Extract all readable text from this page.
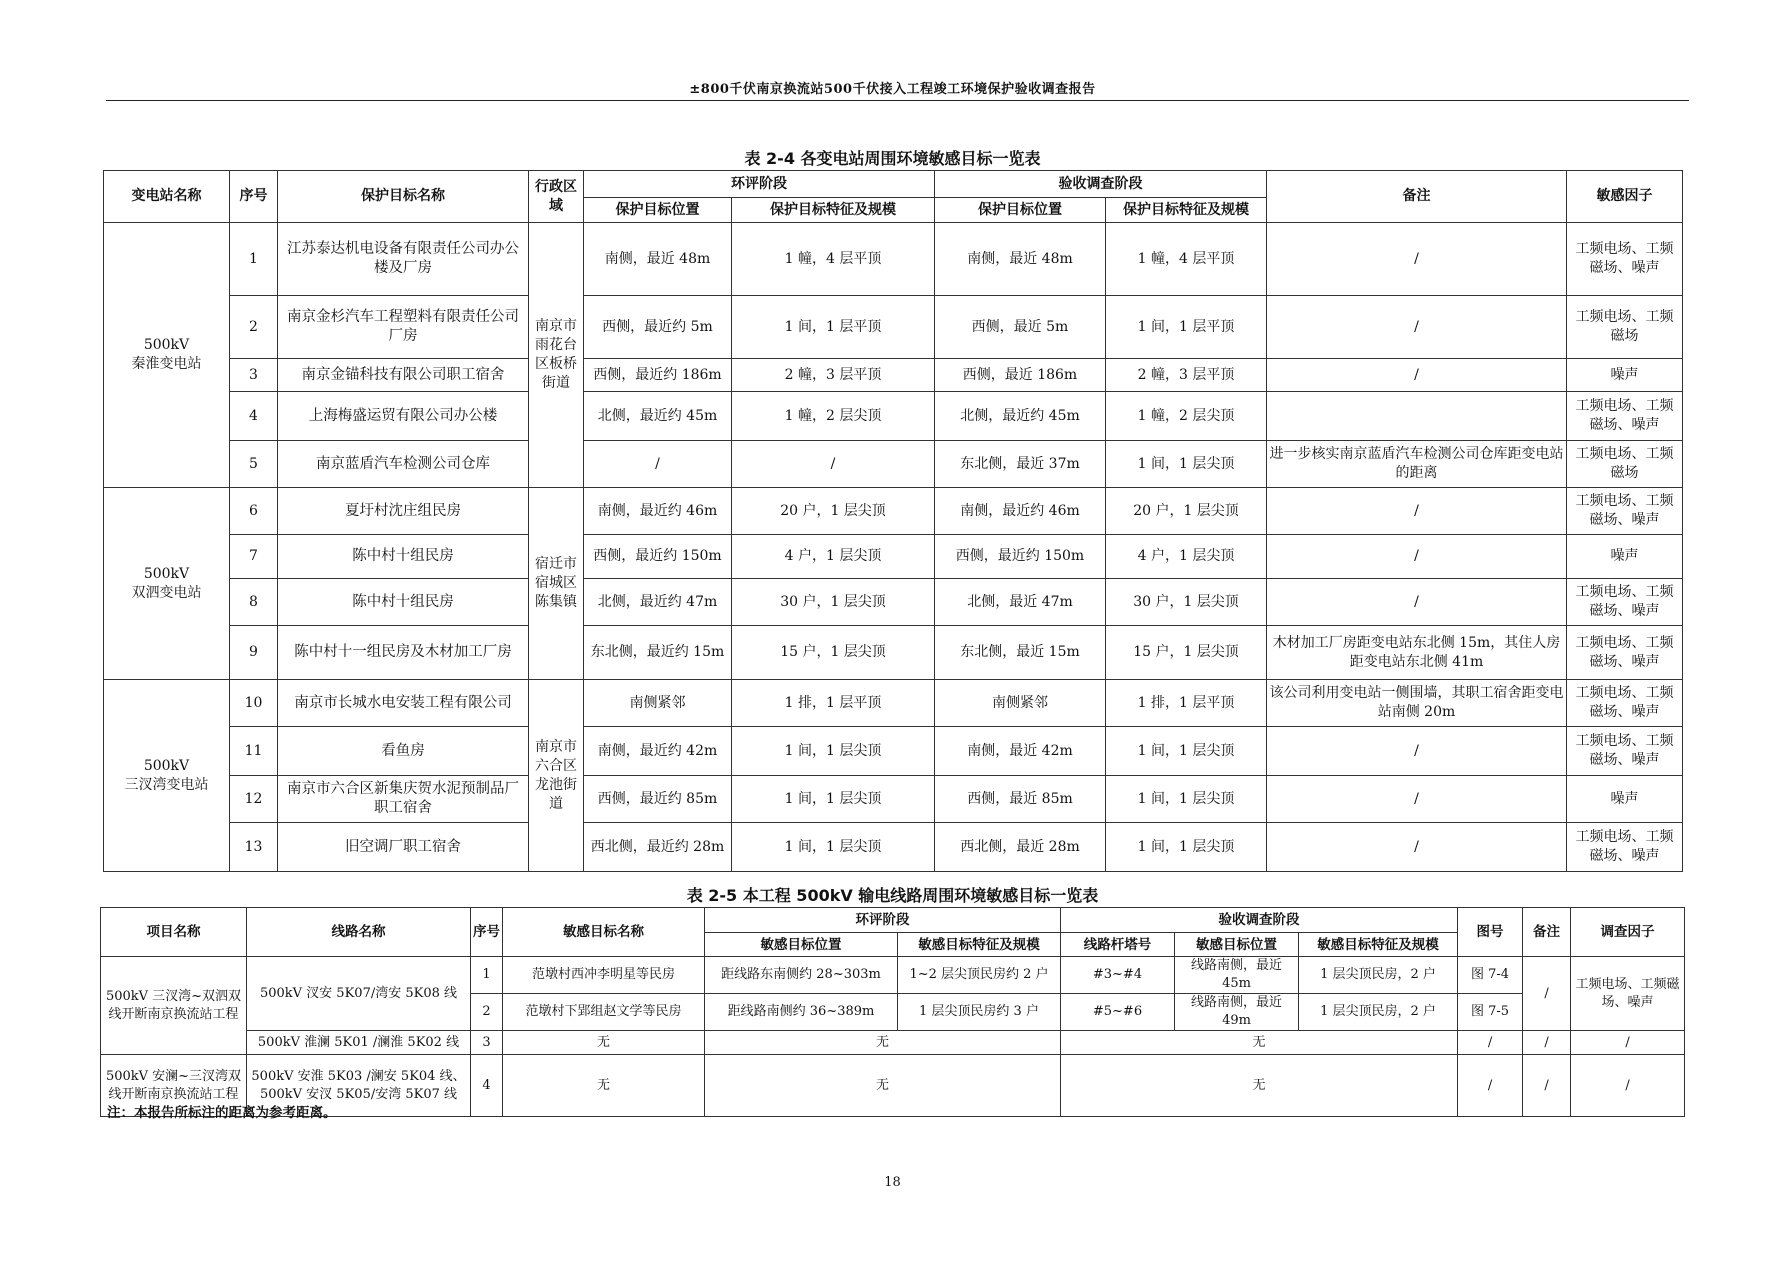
±800千伏南京换流站500千伏接入工程竣工环境保护验收调查报告
表 2-4 各变电站周围环境敏感目标一览表
变电站名称	序号	保护目标名称	行政区域	环评阶段		验收调查阶段		备注	敏感因子
				保护目标位置	保护目标特征及规模	保护目标位置	保护目标特征及规模		
500kV
秦淮变电站	1	江苏泰达机电设备有限责任公司办公楼及厂房	南京市雨花台区板桥街道	南侧，最近 48m	1 幢，4 层平顶	南侧，最近 48m	1 幢，4 层平顶	/	工频电场、工频磁场、噪声
	2	南京金杉汽车工程塑料有限责任公司厂房		西侧，最近约 5m	1 间，1 层平顶	西侧，最近 5m	1 间，1 层平顶	/	工频电场、工频磁场
	3	南京金锚科技有限公司职工宿舍		西侧，最近约 186m	2 幢，3 层平顶	西侧，最近 186m	2 幢，3 层平顶	/	噪声
	4	上海梅盛运贸有限公司办公楼		北侧，最近约 45m	1 幢，2 层尖顶	北侧，最近约 45m	1 幢，2 层尖顶		工频电场、工频磁场、噪声
	5	南京蓝盾汽车检测公司仓库		/	/	东北侧，最近 37m	1 间，1 层尖顶	进一步核实南京蓝盾汽车检测公司仓库距变电站的距离	工频电场、工频磁场
500kV
双泗变电站	6	夏圩村沈庄组民房	宿迁市宿城区陈集镇	南侧，最近约 46m	20 户，1 层尖顶	南侧，最近约 46m	20 户，1 层尖顶	/	工频电场、工频磁场、噪声
	7	陈中村十组民房		西侧，最近约 150m	4 户，1 层尖顶	西侧，最近约 150m	4 户，1 层尖顶	/	噪声
	8	陈中村十组民房		北侧，最近约 47m	30 户，1 层尖顶	北侧，最近 47m	30 户，1 层尖顶	/	工频电场、工频磁场、噪声
	9	陈中村十一组民房及木材加工厂房		东北侧，最近约 15m	15 户，1 层尖顶	东北侧，最近 15m	15 户，1 层尖顶	木材加工厂房距变电站东北侧 15m，其住人房距变电站东北侧 41m	工频电场、工频磁场、噪声
500kV
三汊湾变电站	10	南京市长城水电安装工程有限公司	南京市六合区龙池街道	南侧紧邻	1 排，1 层平顶	南侧紧邻	1 排，1 层平顶	该公司利用变电站一侧围墙，其职工宿舍距变电站南侧 20m	工频电场、工频磁场、噪声
	11	看鱼房		南侧，最近约 42m	1 间，1 层尖顶	南侧，最近 42m	1 间，1 层尖顶	/	工频电场、工频磁场、噪声
	12	南京市六合区新集庆贺水泥预制品厂职工宿舍		西侧，最近约 85m	1 间，1 层尖顶	西侧，最近 85m	1 间，1 层尖顶	/	噪声
	13	旧空调厂职工宿舍		西北侧，最近约 28m	1 间，1 层尖顶	西北侧，最近 28m	1 间，1 层尖顶	/	工频电场、工频磁场、噪声
表 2-5 本工程 500kV 输电线路周围环境敏感目标一览表
项目名称	线路名称	序号	敏感目标名称	环评阶段		验收调查阶段			图号	备注	调查因子
				敏感目标位置	敏感目标特征及规模	线路杆塔号	敏感目标位置	敏感目标特征及规模			
500kV 三汊湾~双泗双线开断南京换流站工程	500kV 汊安 5K07/湾安 5K08 线	1	范墩村西冲李明星等民房	距线路东南侧约 28~303m	1~2 层尖顶民房约 2 户	#3~#4	线路南侧，最近45m	1 层尖顶民房，2 户	图 7-4	/	工频电场、工频磁场、噪声
		2	范墩村下郢组赵文学等民房	距线路南侧约 36~389m	1 层尖顶民房约 3 户	#5~#6	线路南侧，最近49m	1 层尖顶民房，2 户	图 7-5		
	500kV 淮澜 5K01 /澜淮 5K02 线	3	无	无		无			/	/	/
500kV 安澜~三汊湾双线开断南京换流站工程	500kV 安淮 5K03 /澜安 5K04 线、500kV 安汊 5K05/安湾 5K07 线	4	无	无		无			/	/	/
注：本报告所标注的距离为参考距离。
18
